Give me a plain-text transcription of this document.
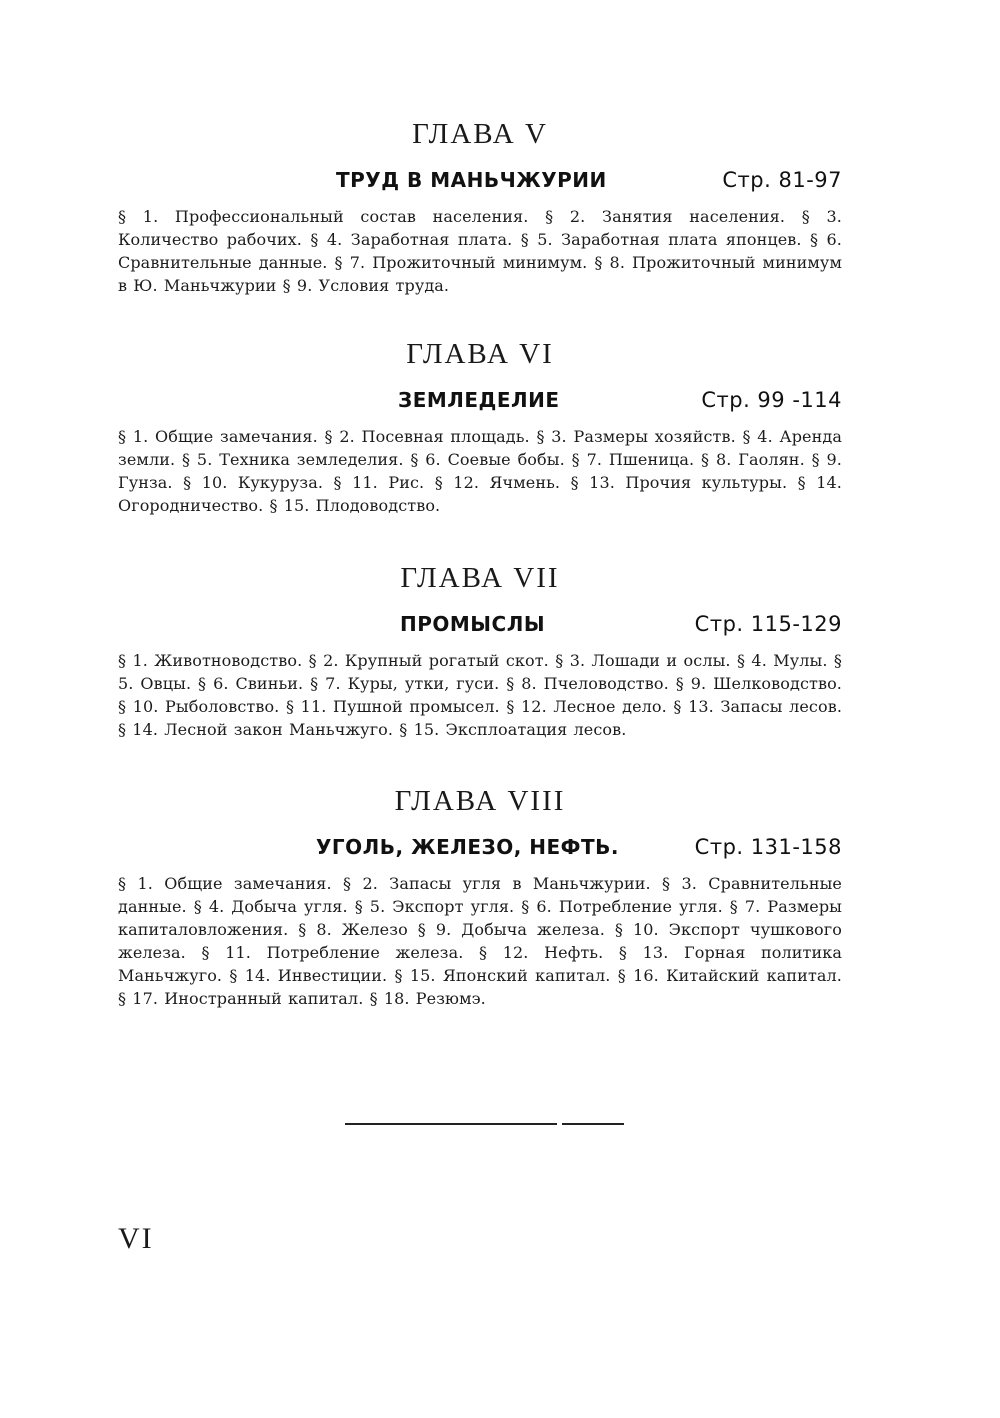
ГЛАВА V
ТРУД В МАНЬЧЖУРИИ	Стр. 81-97

§ 1. Профессиональный состав населения. § 2. Занятия населения. § 3. Количество рабочих. § 4. Заработная плата. § 5. Заработная плата японцев. § 6. Сравнительные данные. § 7. Прожиточный минимум. § 8. Прожиточный минимум в Ю. Маньчжурии § 9. Условия труда.

ГЛАВА VI
ЗЕМЛЕДЕЛИЕ	Стр. 99 -114

§ 1. Общие замечания. § 2. Посевная площадь. § 3. Размеры хозяйств. § 4. Аренда земли. § 5. Техника земледелия. § 6. Соевые бобы. § 7. Пшеница. § 8. Гаолян. § 9. Гунза. § 10. Кукуруза. § 11. Рис. § 12. Ячмень. § 13. Прочия культуры. § 14. Огородничество. § 15. Плодоводство.

ГЛАВА VII
ПРОМЫСЛЫ	Стр. 115-129

§ 1. Животноводство. § 2. Крупный рогатый скот. § 3. Лошади и ослы. § 4. Мулы. § 5. Овцы. § 6. Свиньи. § 7. Куры, утки, гуси. § 8. Пчеловодство. § 9. Шелководство. § 10. Рыболовство. § 11. Пушной промысел. § 12. Лесное дело. § 13. Запасы лесов. § 14. Лесной закон Маньчжуго. § 15. Эксплоатация лесов.

ГЛАВА VIII
УГОЛЬ, ЖЕЛЕЗО, НЕФТЬ.	Стр. 131-158

§ 1. Общие замечания. § 2. Запасы угля в Маньчжурии. § 3. Сравнительные данные. § 4. Добыча угля. § 5. Экспорт угля. § 6. Потребление угля. § 7. Размеры капиталовложения. § 8. Железо § 9. Добыча железа. § 10. Экспорт чушкового железа. § 11. Потребление железа. § 12. Нефть. § 13. Горная политика Маньчжуго. § 14. Инвестиции. § 15. Японский капитал. § 16. Китайский капитал. § 17. Иностранный капитал. § 18. Резюмэ.

VI
